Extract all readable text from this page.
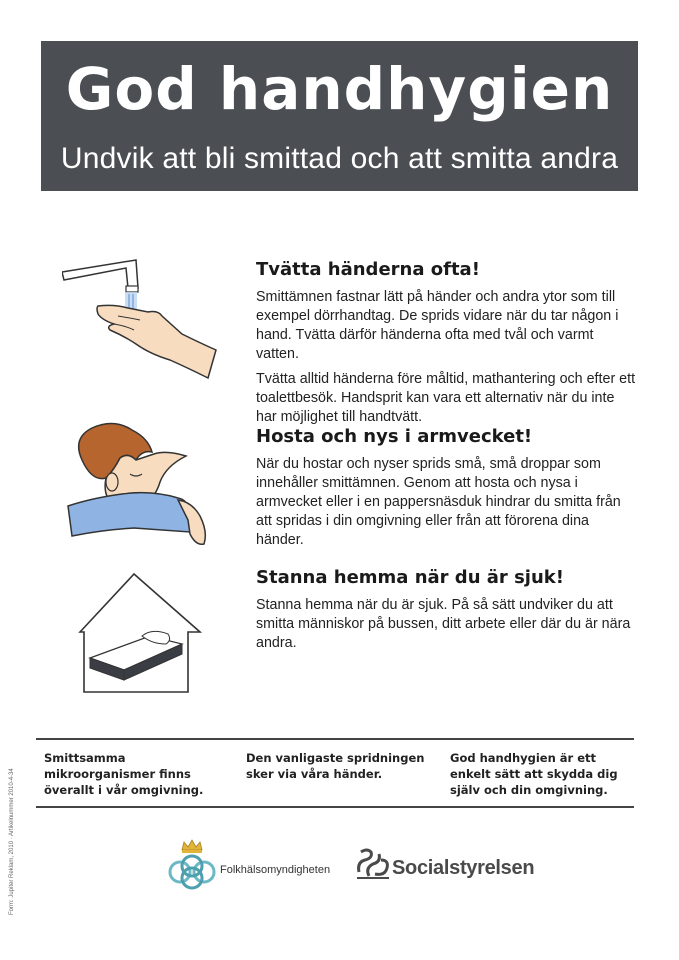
God handhygien
Undvik att bli smittad och att smitta andra
Tvätta händerna ofta!

Smittämnen fastnar lätt på händer och andra ytor som till exempel dörrhandtag. De sprids vidare när du tar någon i hand. Tvätta därför händerna ofta med tvål och varmt vatten.

Tvätta alltid händerna före måltid, mathantering och efter ett toalettbesök. Handsprit kan vara ett alternativ när du inte har möjlighet till handtvätt.

Hosta och nys i armvecket!

När du hostar och nyser sprids små, små droppar som innehåller smittämnen. Genom att hosta och nysa i armvecket eller i en pappersnäsduk hindrar du smitta från att spridas i din omgivning eller från att förorena dina händer.

Stanna hemma när du är sjuk!

Stanna hemma när du är sjuk. På så sätt undviker du att smitta människor på bussen, ditt arbete eller där du är nära andra.

Smittsamma mikroorganismer finns överallt i vår omgivning.
Den vanligaste spridningen sker via våra händer.
God handhygien är ett enkelt sätt att skydda dig själv och din omgivning.
Form: Jupiter Reklam, 2010 · Artikelnummer 2010-4-34	Folkhälsomyndigheten	Socialstyrelsen
